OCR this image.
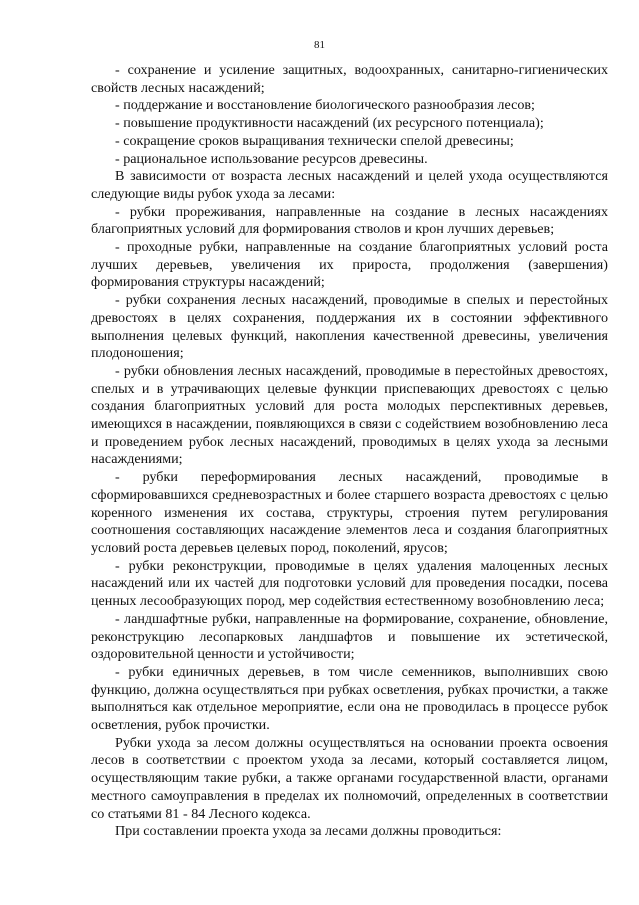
81

- сохранение и усиление защитных, водоохранных, санитарно-гигиенических свойств лесных насаждений;

- поддержание и восстановление биологического разнообразия лесов;

- повышение продуктивности насаждений (их ресурсного потенциала);

- сокращение сроков выращивания технически спелой древесины;

- рациональное использование ресурсов древесины.

В зависимости от возраста лесных насаждений и целей ухода осуществляются следующие виды рубок ухода за лесами:

- рубки прореживания, направленные на создание в лесных насаждениях благоприятных условий для формирования стволов и крон лучших деревьев;

- проходные рубки, направленные на создание благоприятных условий роста лучших деревьев, увеличения их прироста, продолжения (завершения) формирования структуры насаждений;

- рубки сохранения лесных насаждений, проводимые в спелых и перестойных древостоях в целях сохранения, поддержания их в состоянии эффективного выполнения целевых функций, накопления качественной древесины, увеличения плодоношения;

- рубки обновления лесных насаждений, проводимые в перестойных древостоях, спелых и в утрачивающих целевые функции приспевающих древостоях с целью создания благоприятных условий для роста молодых перспективных деревьев, имеющихся в насаждении, появляющихся в связи с содействием возобновлению леса и проведением рубок лесных насаждений, проводимых в целях ухода за лесными насаждениями;

- рубки переформирования лесных насаждений, проводимые в сформировавшихся средневозрастных и более старшего возраста древостоях с целью коренного изменения их состава, структуры, строения путем регулирования соотношения составляющих насаждение элементов леса и создания благоприятных условий роста деревьев целевых пород, поколений, ярусов;

- рубки реконструкции, проводимые в целях удаления малоценных лесных насаждений или их частей для подготовки условий для проведения посадки, посева ценных лесообразующих пород, мер содействия естественному возобновлению леса;

- ландшафтные рубки, направленные на формирование, сохранение, обновление, реконструкцию лесопарковых ландшафтов и повышение их эстетической, оздоровительной ценности и устойчивости;

- рубки единичных деревьев, в том числе семенников, выполнивших свою функцию, должна осуществляться при рубках осветления, рубках прочистки, а также выполняться как отдельное мероприятие, если она не проводилась в процессе рубок осветления, рубок прочистки.

Рубки ухода за лесом должны осуществляться на основании проекта освоения лесов в соответствии с проектом ухода за лесами, который составляется лицом, осуществляющим такие рубки, а также органами государственной власти, органами местного самоуправления в пределах их полномочий, определенных в соответствии со статьями 81 - 84 Лесного кодекса.

При составлении проекта ухода за лесами должны проводиться:
